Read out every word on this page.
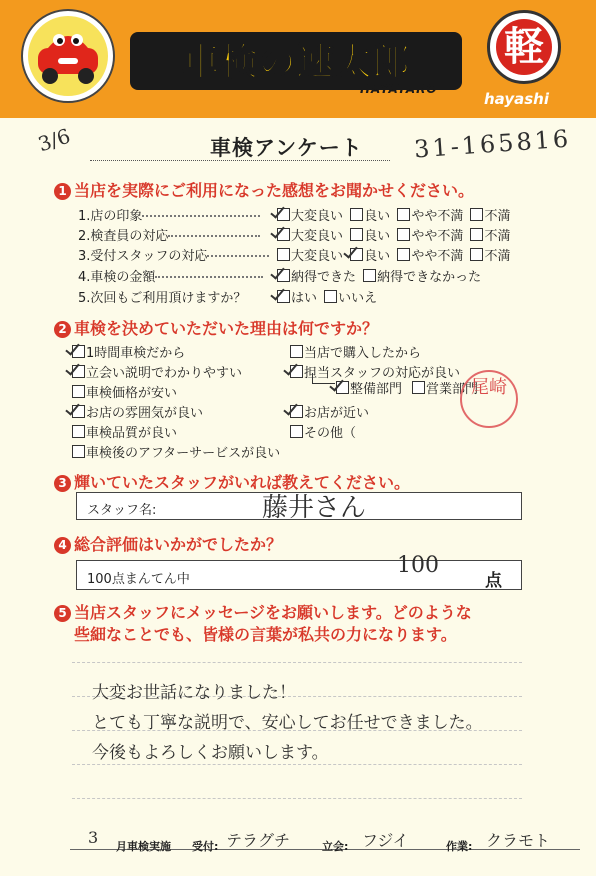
車検の速太郎
HAYATARO
軽
hayashi
3/6	車検アンケート 31-165816
1 当店を実際にご利用になった感想をお聞かせください。
1.店の印象	大変良い 良い やや不満 不満
2.検査員の対応	大変良い 良い やや不満 不満
3.受付スタッフの対応	大変良い 良い やや不満 不満
4.車検の金額	納得できた 納得できなかった
5.次回もご利用頂けますか？	はい いいえ
2 車検を決めていただいた理由は何ですか？
1時間車検だから	当店で購入したから
立会い説明でわかりやすい	担当スタッフの対応が良い
車検価格が安い	整備部門	営業部門
お店の雰囲気が良い	お店が近い
車検品質が良い	その他（
車検後のアフターサービスが良い
尾崎
3 輝いていたスタッフがいれば教えてください。
スタッフ名:	藤井さん
4 総合評価はいかがでしたか？
100点まんてん中
100
点
5 当店スタッフにメッセージをお願いします。どのような
些細なことでも、皆様の言葉が私共の力になります。
大変お世話になりました！
とても丁寧な説明で、安心してお任せできました。
今後もよろしくお願いします。
3 月車検実施 受付: テラグチ	立会: フジイ	作業: クラモト
